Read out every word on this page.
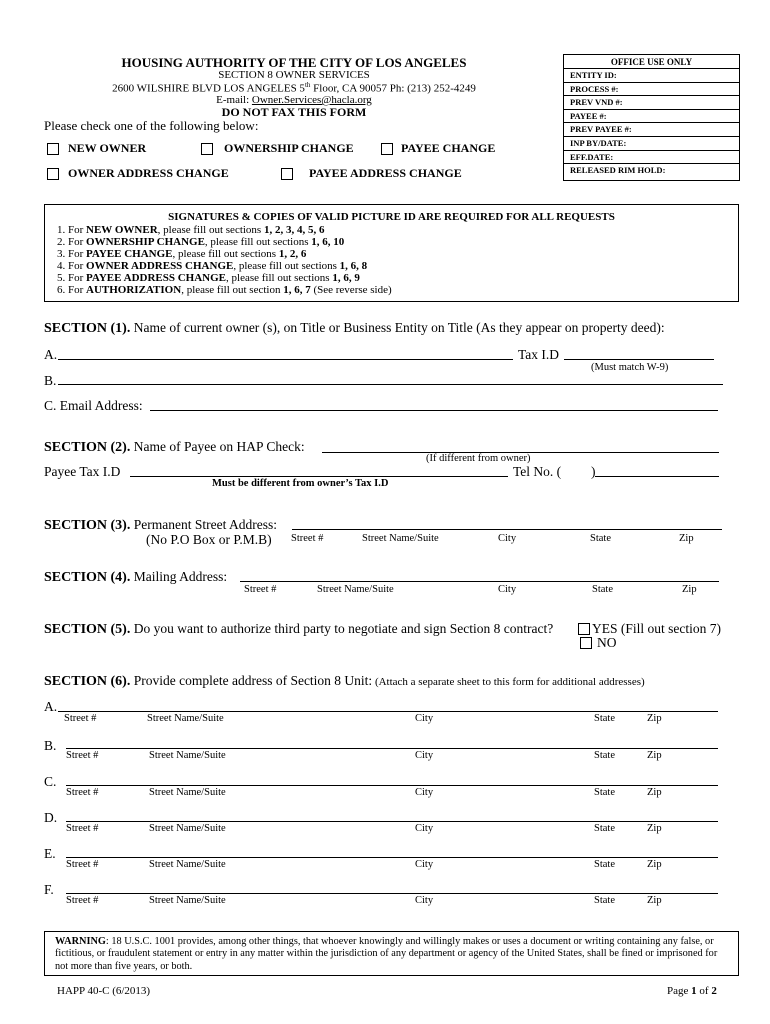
HOUSING AUTHORITY OF THE CITY OF LOS ANGELES
SECTION 8 OWNER SERVICES
2600 WILSHIRE BLVD LOS ANGELES 5th Floor, CA 90057 Ph: (213) 252-4249
E-mail: Owner.Services@hacla.org
DO NOT FAX THIS FORM
Please check one of the following below:
NEW OWNER	OWNERSHIP CHANGE	PAYEE CHANGE
OWNER ADDRESS CHANGE	PAYEE ADDRESS CHANGE
OFFICE USE ONLY
ENTITY ID:
PROCESS #:
PREV VND #:
PAYEE #:
PREV PAYEE #:
INP BY/DATE:
EFF.DATE:
RELEASED RIM HOLD:
SIGNATURES & COPIES OF VALID PICTURE ID ARE REQUIRED FOR ALL REQUESTS
1. For NEW OWNER, please fill out sections 1, 2, 3, 4, 5, 6
2. For OWNERSHIP CHANGE, please fill out sections 1, 6, 10
3. For PAYEE CHANGE, please fill out sections 1, 2, 6
4. For OWNER ADDRESS CHANGE, please fill out sections 1, 6, 8
5. For PAYEE ADDRESS CHANGE, please fill out sections 1, 6, 9
6. For AUTHORIZATION, please fill out section 1, 6, 7 (See reverse side)
SECTION (1). Name of current owner (s), on Title or Business Entity on Title (As they appear on property deed):
A.	Tax I.D
(Must match W-9)
B.
C. Email Address:
SECTION (2). Name of Payee on HAP Check:
(If different from owner)
Payee Tax I.D	Tel No. ( )
Must be different from owner’s Tax I.D
SECTION (3). Permanent Street Address:
(No P.O Box or P.M.B) Street #	Street Name/Suite	City	State	Zip
SECTION (4). Mailing Address:
Street #	Street Name/Suite	City	State	Zip
SECTION (5). Do you want to authorize third party to negotiate and sign Section 8 contract?	YES (Fill out section 7)
NO
SECTION (6). Provide complete address of Section 8 Unit: (Attach a separate sheet to this form for additional addresses)
A.
Street #	Street Name/Suite	City	State	Zip
B.
Street #	Street Name/Suite	City	State	Zip
C.
Street #	Street Name/Suite	City	State	Zip
D.
Street #	Street Name/Suite	City	State	Zip
E.
Street #	Street Name/Suite	City	State	Zip
F.
Street #	Street Name/Suite	City	State	Zip
WARNING: 18 U.S.C. 1001 provides, among other things, that whoever knowingly and willingly makes or uses a document or writing containing any false, or fictitious, or fraudulent statement or entry in any matter within the jurisdiction of any department or agency of the United States, shall be fined or imprisoned for not more than five years, or both.
HAPP 40-C (6/2013)	Page 1 of 2
